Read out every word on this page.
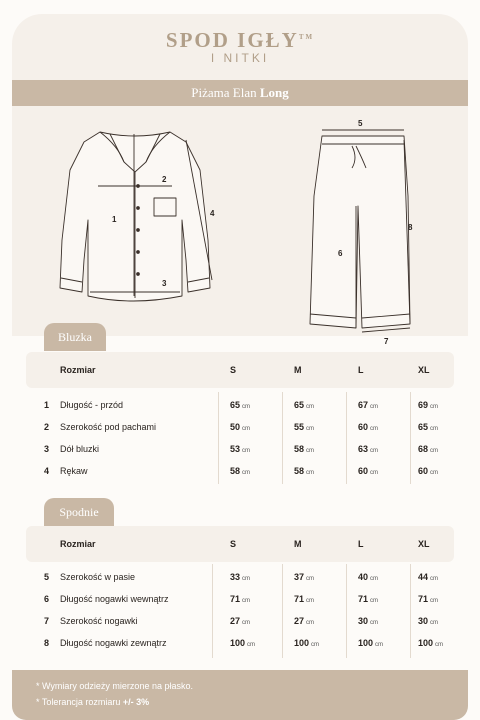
SPOD IGŁY™
I NITKI
Piżama Elan Long
1
2
3
4
5
6
7
8
Bluzka
Rozmiar	S	M	L	XL
1 Długość - przód	65 cm	65 cm	67 cm	69 cm
2 Szerokość pod pachami	50 cm	55 cm	60 cm	65 cm
3 Dół bluzki	53 cm	58 cm	63 cm	68 cm
4 Rękaw	58 cm	58 cm	60 cm	60 cm
Spodnie
Rozmiar	S	M	L	XL
5 Szerokość w pasie	33 cm	37 cm	40 cm	44 cm
6 Długość nogawki wewnątrz	71 cm	71 cm	71 cm	71 cm
7 Szerokość nogawki	27 cm	27 cm	30 cm	30 cm
8 Długość nogawki zewnątrz	100 cm	100 cm	100 cm	100 cm

* Wymiary odzieży mierzone na płasko.

* Tolerancja rozmiaru +/- 3%
